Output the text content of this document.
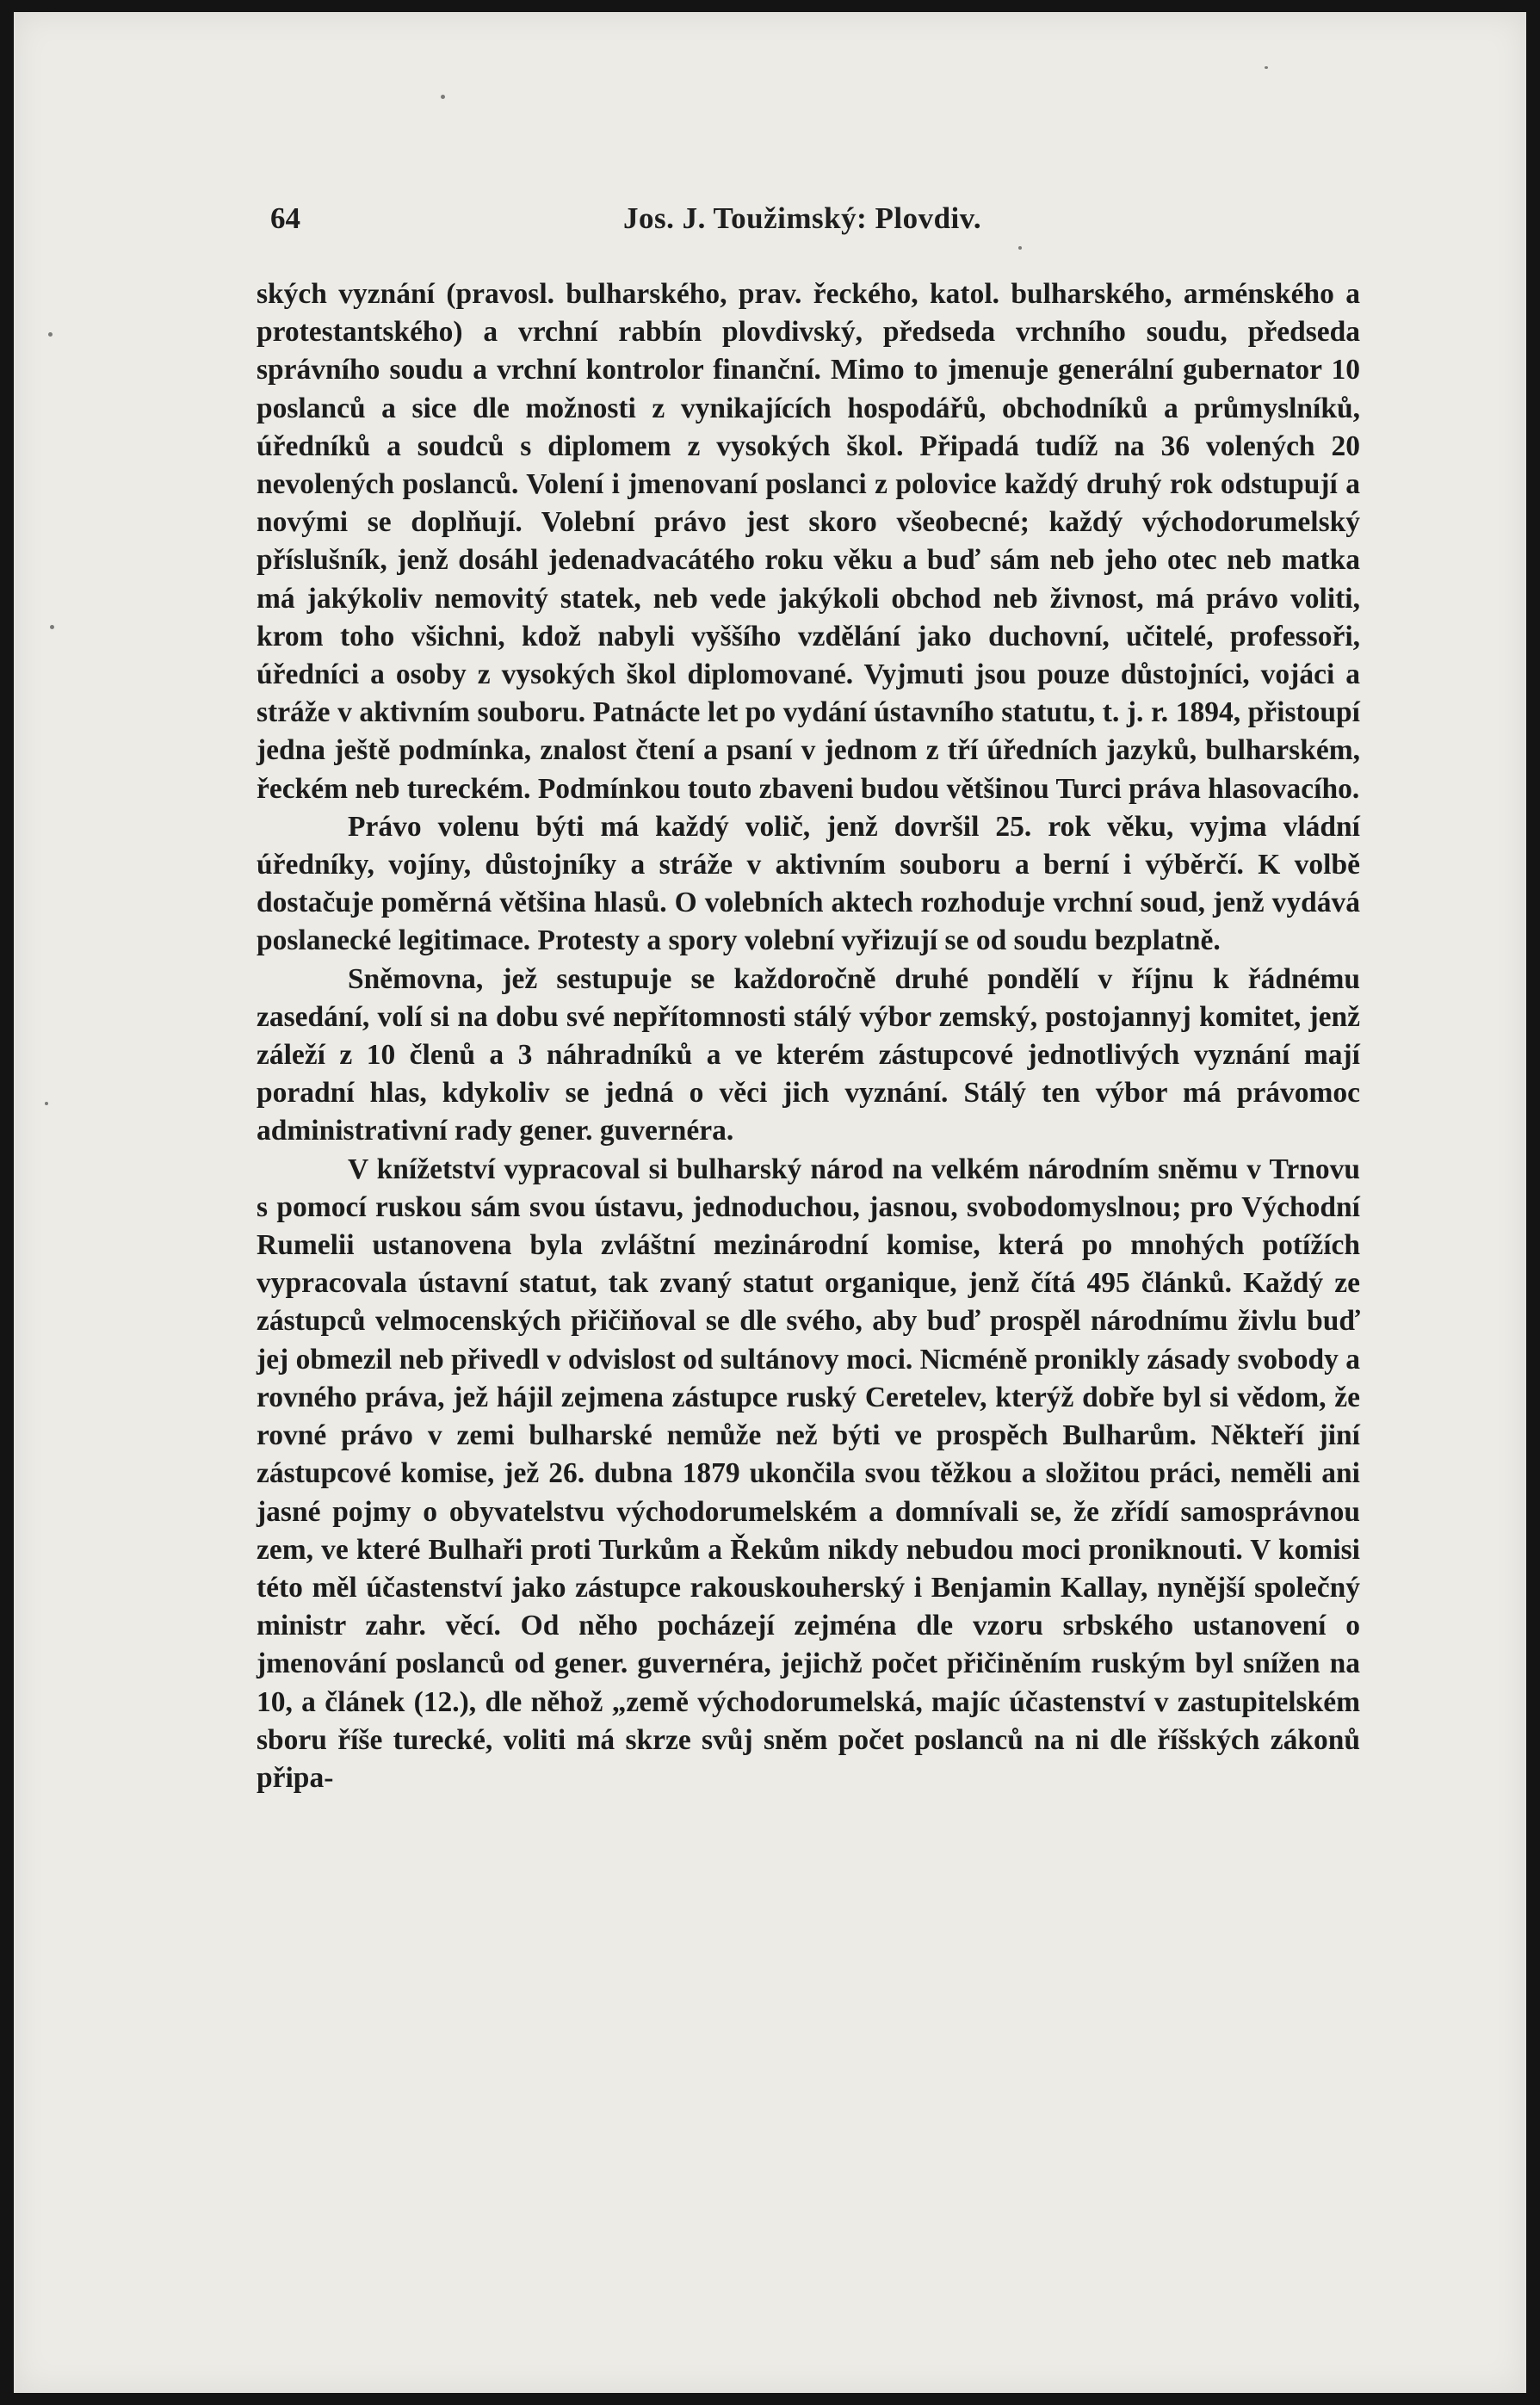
64	Jos. J. Toužimský: Plovdiv.

ských vyznání (pravosl. bulharského, prav. řeckého, katol. bulharského, arménského a protestantského) a vrchní rabbín plovdivský, předseda vrchního soudu, předseda správního soudu a vrchní kontrolor finanční. Mimo to jmenuje generální gubernator 10 poslanců a sice dle možnosti z vynikajících hospodářů, obchodníků a průmyslníků, úředníků a soudců s diplomem z vysokých škol. Připadá tudíž na 36 volených 20 nevolených poslanců. Volení i jmenovaní poslanci z polovice každý druhý rok odstupují a novými se doplňují. Volební právo jest skoro všeobecné; každý východorumelský příslušník, jenž dosáhl jedenadvacátého roku věku a buď sám neb jeho otec neb matka má jakýkoliv nemovitý statek, neb vede jakýkoli obchod neb živnost, má právo voliti, krom toho všichni, kdož nabyli vyššího vzdělání jako duchovní, učitelé, professoři, úředníci a osoby z vysokých škol diplomované. Vyjmuti jsou pouze důstojníci, vojáci a stráže v aktivním souboru. Patnácte let po vydání ústavního statutu, t. j. r. 1894, přistoupí jedna ještě podmínka, znalost čtení a psaní v jednom z tří úředních jazyků, bulharském, řeckém neb tureckém. Podmínkou touto zbaveni budou většinou Turci práva hlasovacího.

Právo volenu býti má každý volič, jenž dovršil 25. rok věku, vyjma vládní úředníky, vojíny, důstojníky a stráže v aktivním souboru a berní i výběrčí. K volbě dostačuje poměrná většina hlasů. O volebních aktech rozhoduje vrchní soud, jenž vydává poslanecké legitimace. Protesty a spory volební vyřizují se od soudu bezplatně.

Sněmovna, jež sestupuje se každoročně druhé pondělí v říjnu k řádnému zasedání, volí si na dobu své nepřítomnosti stálý výbor zemský, postojannyj komitet, jenž záleží z 10 členů a 3 náhradníků a ve kterém zástupcové jednotlivých vyznání mají poradní hlas, kdykoliv se jedná o věci jich vyznání. Stálý ten výbor má právomoc administrativní rady gener. guvernéra.

V knížetství vypracoval si bulharský národ na velkém národním sněmu v Trnovu s pomocí ruskou sám svou ústavu, jednoduchou, jasnou, svobodomyslnou; pro Východní Rumelii ustanovena byla zvláštní mezinárodní komise, která po mnohých potížích vypracovala ústavní statut, tak zvaný statut organique, jenž čítá 495 článků. Každý ze zástupců velmocenských přičiňoval se dle svého, aby buď prospěl národnímu živlu buď jej obmezil neb přivedl v odvislost od sultánovy moci. Nicméně pronikly zásady svobody a rovného práva, jež hájil zejmena zástupce ruský Ceretelev, kterýž dobře byl si vědom, že rovné právo v zemi bulharské nemůže než býti ve prospěch Bulharům. Někteří jiní zástupcové komise, jež 26. dubna 1879 ukončila svou těžkou a složitou práci, neměli ani jasné pojmy o obyvatelstvu východorumelském a domnívali se, že zřídí samosprávnou zem, ve které Bulhaři proti Turkům a Řekům nikdy nebudou moci proniknouti. V komisi této měl účastenství jako zástupce rakouskouherský i Benjamin Kallay, nynější společný ministr zahr. věcí. Od něho pocházejí zejména dle vzoru srbského ustanovení o jmenování poslanců od gener. guvernéra, jejichž počet přičiněním ruským byl snížen na 10, a článek (12.), dle něhož „země východorumelská, majíc účastenství v zastupitelském sboru říše turecké, voliti má skrze svůj sněm počet poslanců na ni dle říšských zákonů připa-
